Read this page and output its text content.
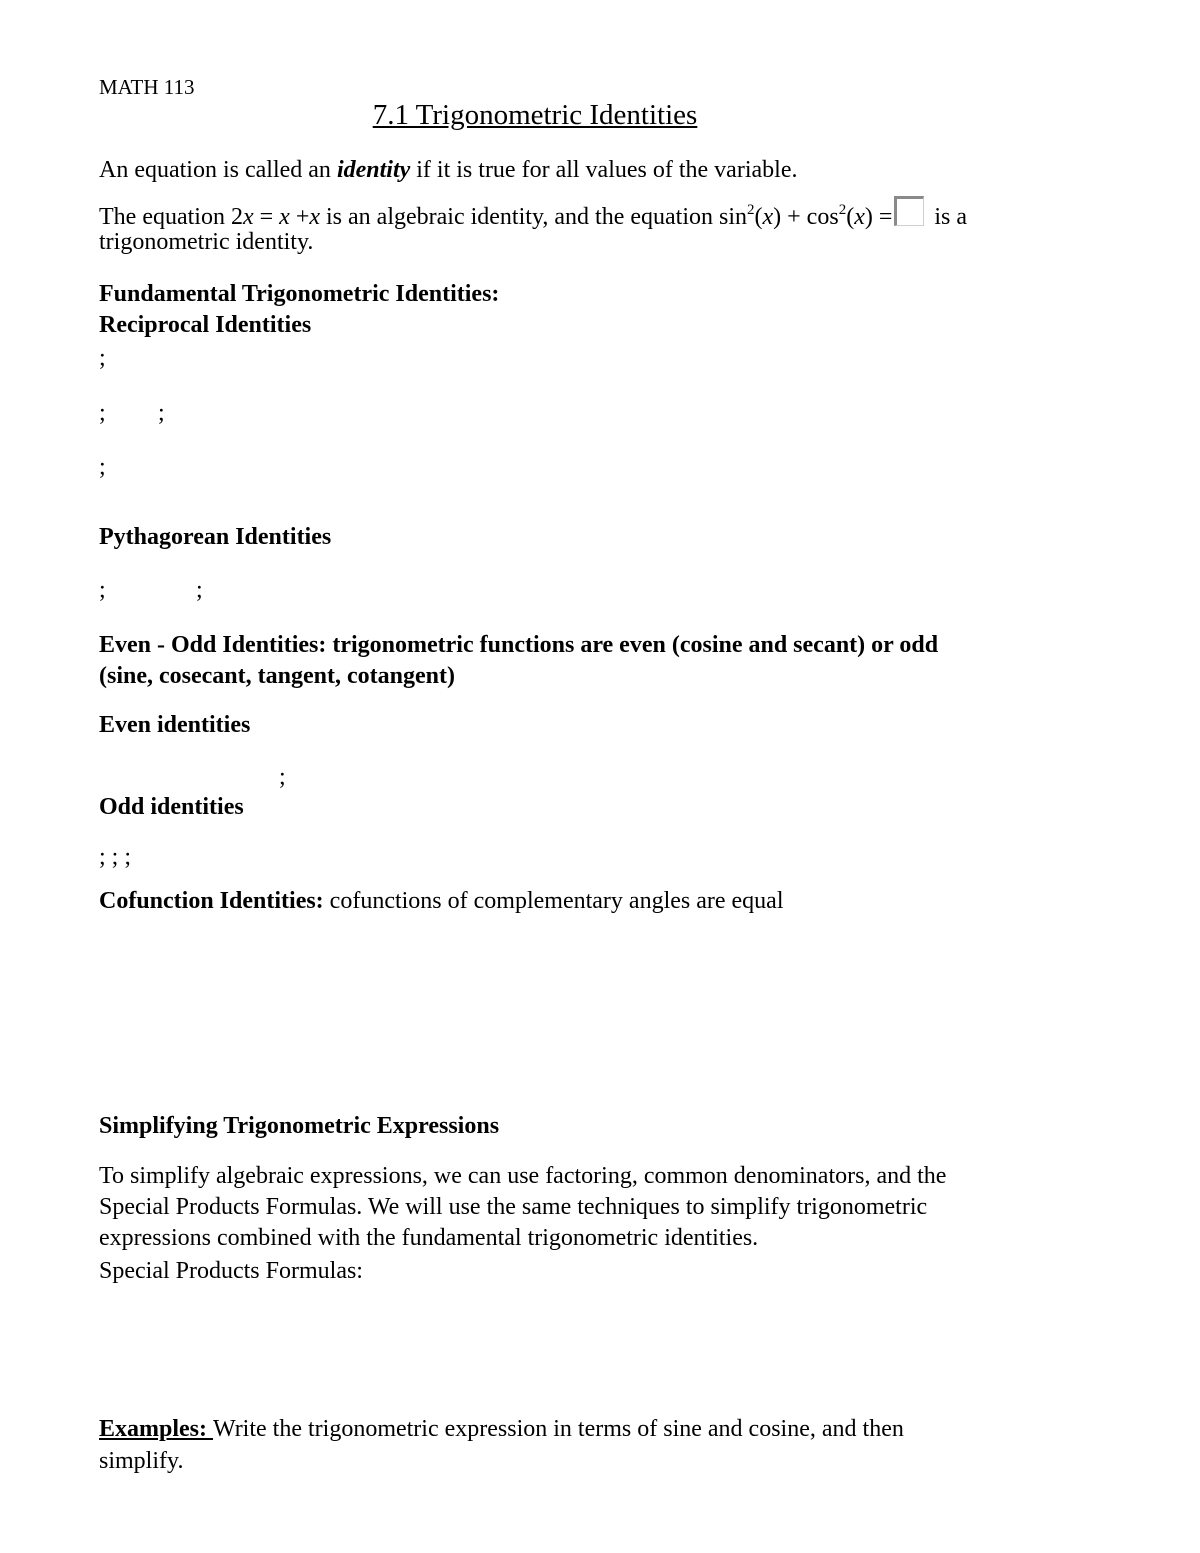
MATH 113
7.1 Trigonometric Identities
An equation is called an identity if it is true for all values of the variable.
The equation 2x = x +x is an algebraic identity, and the equation $\sin^2(x) + \cos^2(x)$ = is a
trigonometric identity.
Fundamental Trigonometric Identities:
Reciprocal Identities
;
; ;
;
Pythagorean Identities
;	;
Even - Odd Identities: trigonometric functions are even (cosine and secant) or odd
(sine, cosecant, tangent, cotangent)
Even identities
;
Odd identities
; ; ;
Cofunction Identities: cofunctions of complementary angles are equal
Simplifying Trigonometric Expressions
To simplify algebraic expressions, we can use factoring, common denominators, and the
Special Products Formulas. We will use the same techniques to simplify trigonometric
expressions combined with the fundamental trigonometric identities.
Special Products Formulas:
Examples: Write the trigonometric expression in terms of sine and cosine, and then
simplify.
